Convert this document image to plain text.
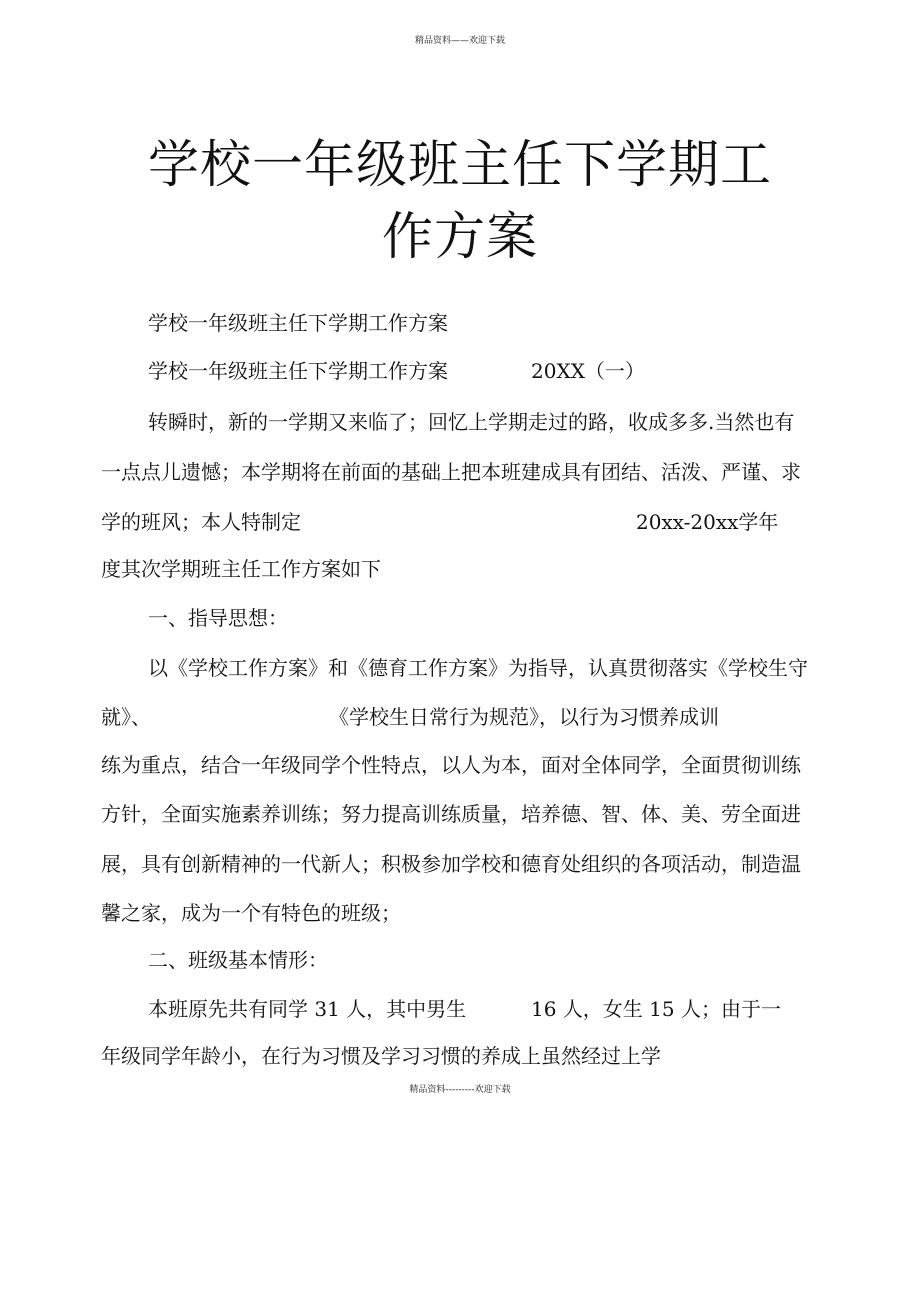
精品资料——欢迎下载
学校一年级班主任下学期工
作方案
学校一年级班主任下学期工作方案
学校一年级班主任下学期工作方案	20XX（一）
转瞬时，新的一学期又来临了；回忆上学期走过的路，收成多多.当然也有
一点点儿遗憾；本学期将在前面的基础上把本班建成具有团结、活泼、严谨、求
学的班风；本人特制定	20xx-20xx学年
度其次学期班主任工作方案如下
一、指导思想：
以《学校工作方案》和《德育工作方案》为指导，认真贯彻落实《学校生守
就》、	《学校生日常行为规范》，以行为习惯养成训
练为重点，结合一年级同学个性特点，以人为本，面对全体同学，全面贯彻训练
方针，全面实施素养训练；努力提高训练质量，培养德、智、体、美、劳全面进
展，具有创新精神的一代新人；积极参加学校和德育处组织的各项活动，制造温
馨之家，成为一个有特色的班级；
二、班级基本情形：
本班原先共有同学 31 人，其中男生	16 人，女生 15 人；由于一
年级同学年龄小，在行为习惯及学习习惯的养成上虽然经过上学
精品资料---------欢迎下载
